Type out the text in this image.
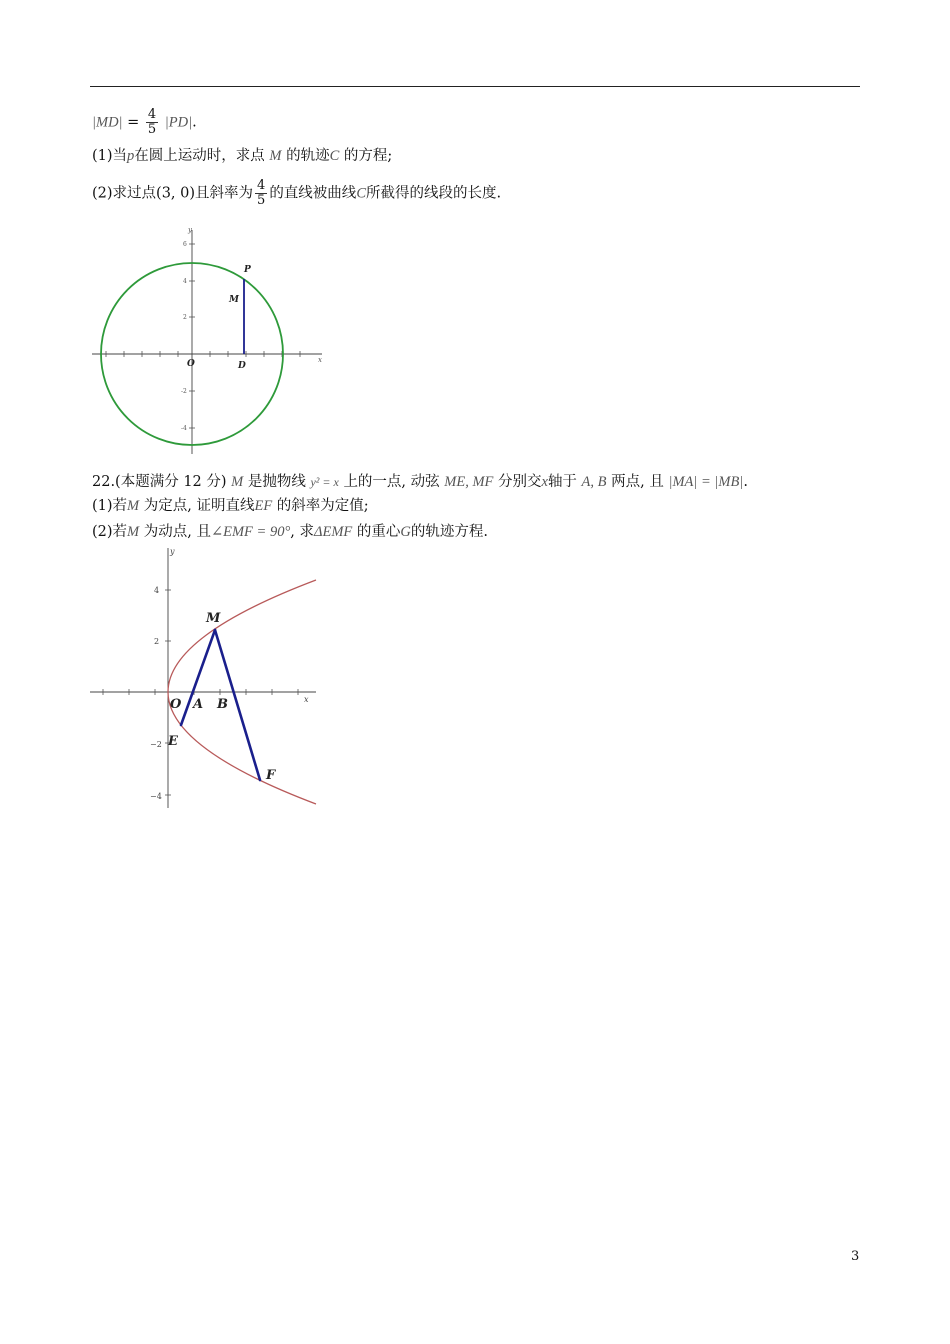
$|MD| = \frac{4}{5} |PD|$.
(1)当p在圆上运动时，求点 M 的轨迹C 的方程;
(2)求过点(3, 0)且斜率为 $\frac{4}{5}$ 的直线被曲线C所截得的线段的长度.
6
4
2
-2
-4
y
x
P
M
O	D
22.(本题满分 12 分) M 是抛物线 y² = x 上的一点, 动弦 ME, MF 分别交x轴于 A, B 两点, 且 |MA| = |MB|.
(1)若M 为定点, 证明直线EF 的斜率为定值;
(2)若M 为动点, 且∠EMF = 90°, 求ΔEMF 的重心G的轨迹方程.
4
2
−2
−4
y
x
M
O A B
E
F
3
